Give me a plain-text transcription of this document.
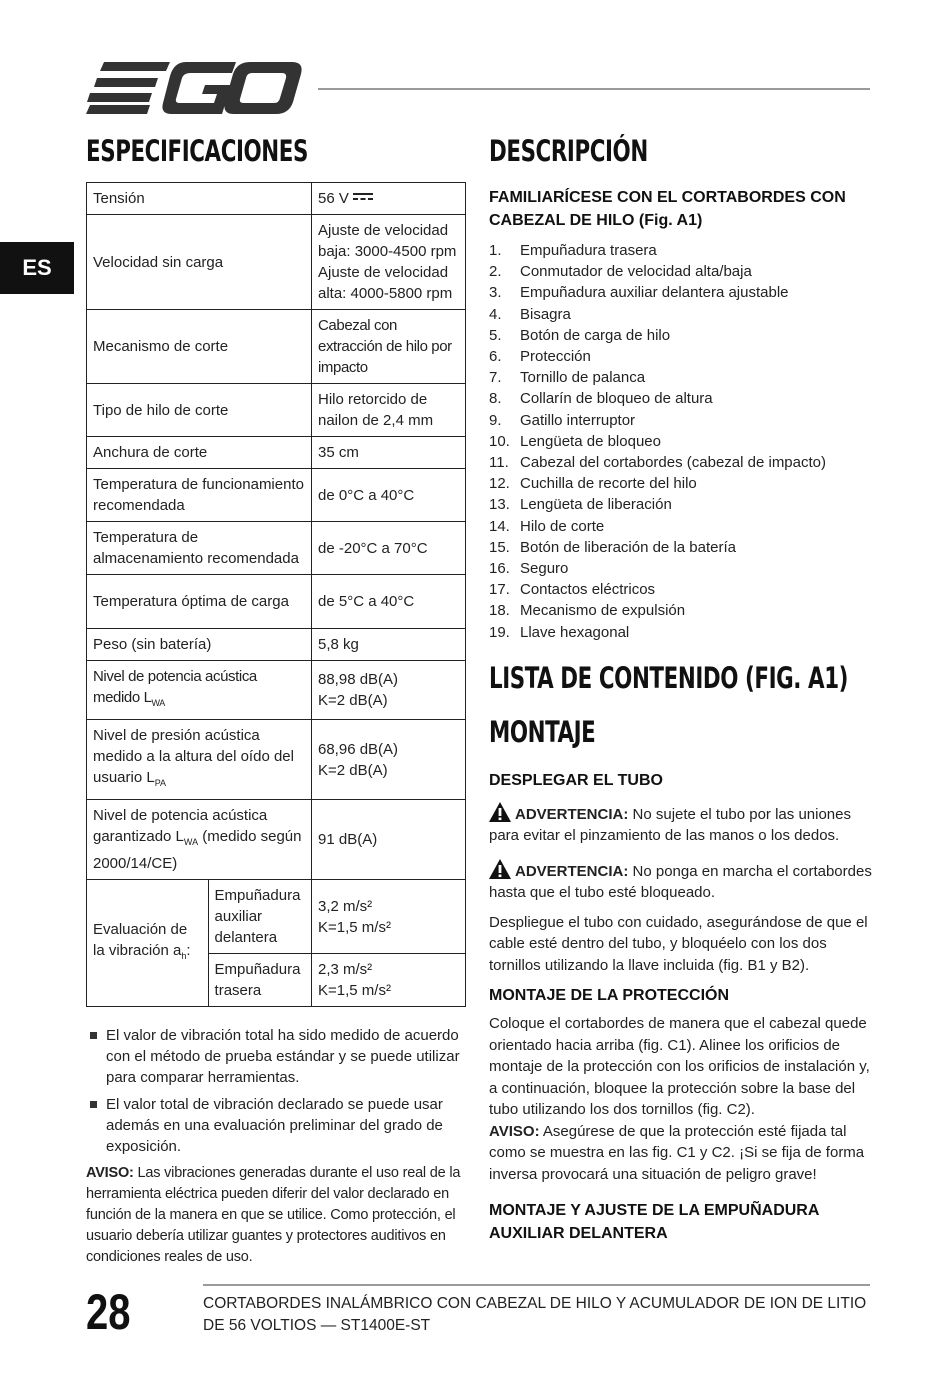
ES
ESPECIFICACIONES
Tensión		56 V
Velocidad sin carga		Ajuste de velocidad baja: 3000-4500 rpm
Ajuste de velocidad alta: 4000-5800 rpm

Mecanismo de corte		Cabezal con extracción de hilo por impacto
Tipo de hilo de corte		Hilo retorcido de nailon de 2,4 mm
Anchura de corte		35 cm
Temperatura de funcionamiento recomendada		de 0°C a 40°C
Temperatura de almacenamiento recomendada		de -20°C a 70°C
Temperatura óptima de carga		de 5°C a 40°C
Peso (sin batería)		5,8 kg
Nivel de potencia acústica medido $L_{WA}$		88,98 dB(A)
K=2 dB(A)

Nivel de presión acústica medido a la altura del oído del usuario $L_{PA}$		68,96 dB(A)
K=2 dB(A)

Nivel de potencia acústica garantizado $L_{WA}$ (medido según 2000/14/CE)		91 dB(A)
Evaluación de la vibración $a_h$:	Empuñadura auxiliar delantera	3,2 m/s²
K=1,5 m/s²

	Empuñadura trasera	2,3 m/s²
K=1,5 m/s²
El valor de vibración total ha sido medido de acuerdo con el método de prueba estándar y se puede utilizar para comparar herramientas.
El valor total de vibración declarado se puede usar además en una evaluación preliminar del grado de exposición.

AVISO: Las vibraciones generadas durante el uso real de la herramienta eléctrica pueden diferir del valor declarado en función de la manera en que se utilice. Como protección, el usuario debería utilizar guantes y protectores auditivos en condiciones reales de uso.

DESCRIPCIÓN

FAMILIARÍCESE CON EL CORTABORDES CON CABEZAL DE HILO (Fig. A1)

1.	Empuñadura trasera
2.	Conmutador de velocidad alta/baja
3.	Empuñadura auxiliar delantera ajustable
4.	Bisagra
5.	Botón de carga de hilo
6.	Protección
7.	Tornillo de palanca
8.	Collarín de bloqueo de altura
9.	Gatillo interruptor
10. Lengüeta de bloqueo
11. Cabezal del cortabordes (cabezal de impacto)
12. Cuchilla de recorte del hilo
13. Lengüeta de liberación
14. Hilo de corte
15. Botón de liberación de la batería
16. Seguro
17. Contactos eléctricos
18. Mecanismo de expulsión
19. Llave hexagonal
LISTA DE CONTENIDO (FIG. A1)
MONTAJE

DESPLEGAR EL TUBO

ADVERTENCIA: No sujete el tubo por las uniones para evitar el pinzamiento de las manos o los dedos.

ADVERTENCIA: No ponga en marcha el cortabordes hasta que el tubo esté bloqueado.

Despliegue el tubo con cuidado, asegurándose de que el cable esté dentro del tubo, y bloquéelo con los dos tornillos utilizando la llave incluida (fig. B1 y B2).

MONTAJE DE LA PROTECCIÓN

Coloque el cortabordes de manera que el cabezal quede orientado hacia arriba (fig. C1). Alinee los orificios de montaje de la protección con los orificios de instalación y, a continuación, bloquee la protección sobre la base del tubo utilizando los dos tornillos (fig. C2).

AVISO: Asegúrese de que la protección esté fijada tal como se muestra en las fig. C1 y C2. ¡Si se fija de forma inversa provocará una situación de peligro grave!

MONTAJE Y AJUSTE DE LA EMPUÑADURA AUXILIAR DELANTERA

28	CORTABORDES INALÁMBRICO CON CABEZAL DE HILO Y ACUMULADOR DE ION DE LITIO DE 56 VOLTIOS — ST1400E-ST
